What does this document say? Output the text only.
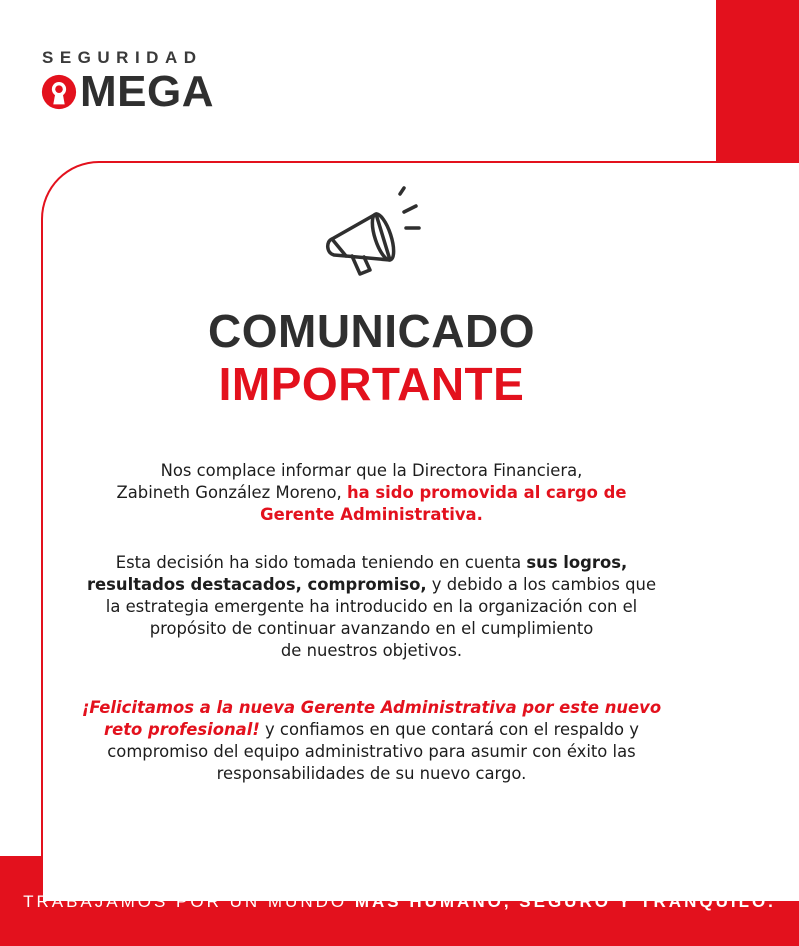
SEGURIDAD
MEGA
COMUNICADO
IMPORTANTE
Nos complace informar que la Directora Financiera,
Zabineth González Moreno, ha sido promovida al cargo de
Gerente Administrativa.
Esta decisión ha sido tomada teniendo en cuenta sus logros,
resultados destacados, compromiso, y debido a los cambios que
la estrategia emergente ha introducido en la organización con el
propósito de continuar avanzando en el cumplimiento
de nuestros objetivos.
¡Felicitamos a la nueva Gerente Administrativa por este nuevo
reto profesional! y confiamos en que contará con el respaldo y
compromiso del equipo administrativo para asumir con éxito las
responsabilidades de su nuevo cargo.
TRABAJAMOS POR UN MUNDO MÁS HUMANO, SEGURO Y TRANQUILO.
